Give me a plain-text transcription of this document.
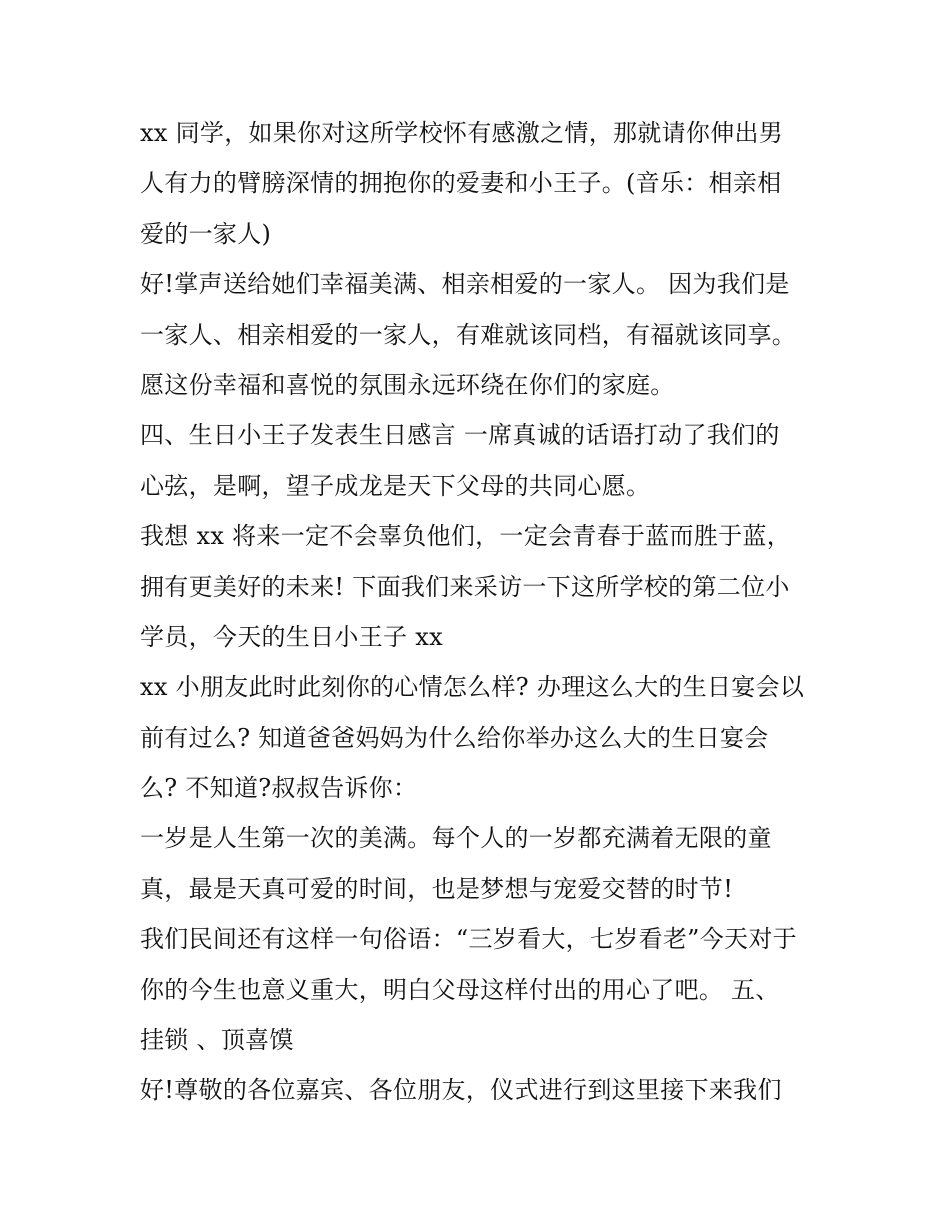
xx 同学，如果你对这所学校怀有感激之情，那就请你伸出男
人有力的臂膀深情的拥抱你的爱妻和小王子。(音乐：相亲相
爱的一家人)
好!掌声送给她们幸福美满、相亲相爱的一家人。 因为我们是
一家人、相亲相爱的一家人，有难就该同档，有福就该同享。
愿这份幸福和喜悦的氛围永远环绕在你们的家庭。
四、生日小王子发表生日感言 一席真诚的话语打动了我们的
心弦，是啊，望子成龙是天下父母的共同心愿。
我想 xx 将来一定不会辜负他们，一定会青春于蓝而胜于蓝，
拥有更美好的未来! 下面我们来采访一下这所学校的第二位小
学员，今天的生日小王子 xx
xx 小朋友此时此刻你的心情怎么样? 办理这么大的生日宴会以
前有过么? 知道爸爸妈妈为什么给你举办这么大的生日宴会
么? 不知道?叔叔告诉你：
一岁是人生第一次的美满。每个人的一岁都充满着无限的童
真，最是天真可爱的时间，也是梦想与宠爱交替的时节!
我们民间还有这样一句俗语：“三岁看大，七岁看老”今天对于
你的今生也意义重大，明白父母这样付出的用心了吧。 五、
挂锁 、顶喜馍
好!尊敬的各位嘉宾、各位朋友，仪式进行到这里接下来我们
